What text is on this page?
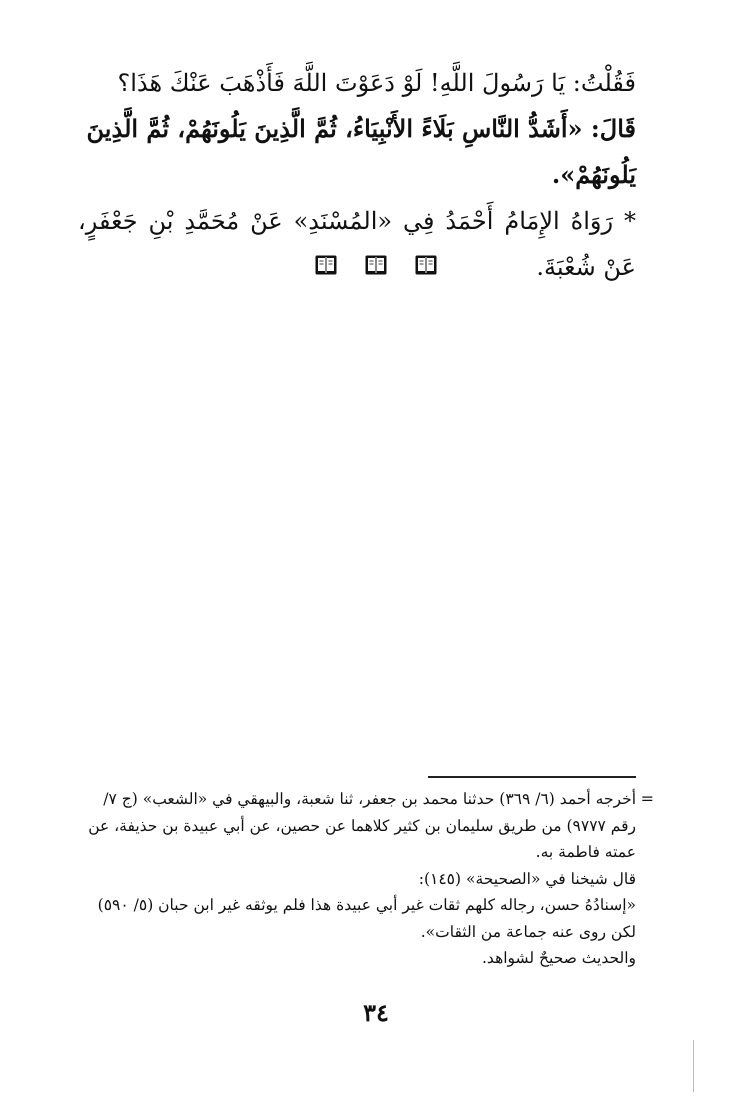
فَقُلْتُ: يَا رَسُولَ اللَّهِ! لَوْ دَعَوْتَ اللَّهَ فَأَذْهَبَ عَنْكَ هَذَا؟

قَالَ: «أَشَدُّ النَّاسِ بَلَاءً الأَنْبِيَاءُ، ثُمَّ الَّذِينَ يَلُونَهُمْ، ثُمَّ الَّذِينَ يَلُونَهُمْ».

* رَوَاهُ الإِمَامُ أَحْمَدُ فِي «المُسْنَدِ» عَنْ مُحَمَّدِ بْنِ جَعْفَرٍ، عَنْ شُعْبَةَ.

=

أخرجه أحمد (٦/ ٣٦٩) حدثنا محمد بن جعفر، ثنا شعبة، والبيهقي في «الشعب» (ج ٧/ رقم ٩٧٧٧) من طريق سليمان بن كثير كلاهما عن حصين، عن أبي عبيدة بن حذيفة، عن عمته فاطمة به.

قال شيخنا في «الصحيحة» (١٤٥):

«إسنادُهُ حسن، رجاله كلهم ثقات غير أبي عبيدة هذا فلم يوثقه غير ابن حبان (٥/ ٥٩٠) لكن روى عنه جماعة من الثقات».

والحديث صحيحٌ لشواهد.

٣٤
